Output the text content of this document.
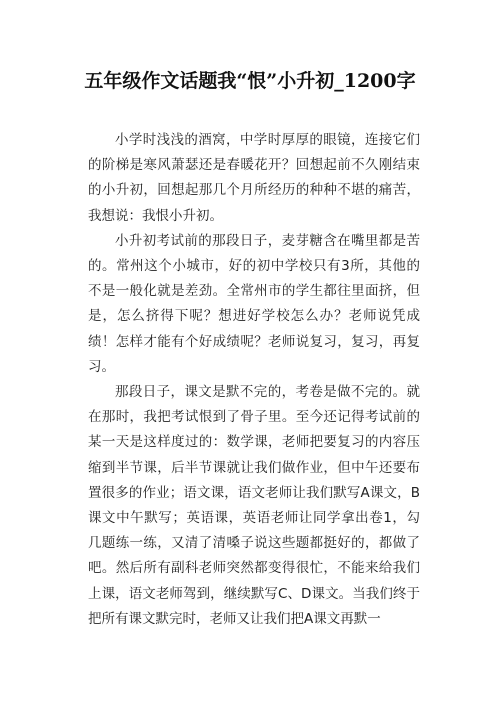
五年级作文话题我“恨”小升初_1200字

小学时浅浅的酒窝，中学时厚厚的眼镜，连接它们的阶梯是寒风萧瑟还是春暖花开？回想起前不久刚结束的小升初，回想起那几个月所经历的种种不堪的痛苦，我想说：我恨小升初。

小升初考试前的那段日子，麦芽糖含在嘴里都是苦的。常州这个小城市，好的初中学校只有3所，其他的不是一般化就是差劲。全常州市的学生都往里面挤，但是，怎么挤得下呢？想进好学校怎么办？老师说凭成绩！怎样才能有个好成绩呢？老师说复习，复习，再复习。

那段日子，课文是默不完的，考卷是做不完的。就在那时，我把考试恨到了骨子里。至今还记得考试前的某一天是这样度过的：数学课，老师把要复习的内容压缩到半节课，后半节课就让我们做作业，但中午还要布置很多的作业；语文课，语文老师让我们默写A课文，B课文中午默写；英语课，英语老师让同学拿出卷1，勾几题练一练，又清了清嗓子说这些题都挺好的，都做了吧。然后所有副科老师突然都变得很忙，不能来给我们上课，语文老师驾到，继续默写C、D课文。当我们终于把所有课文默完时，老师又让我们把A课文再默一
